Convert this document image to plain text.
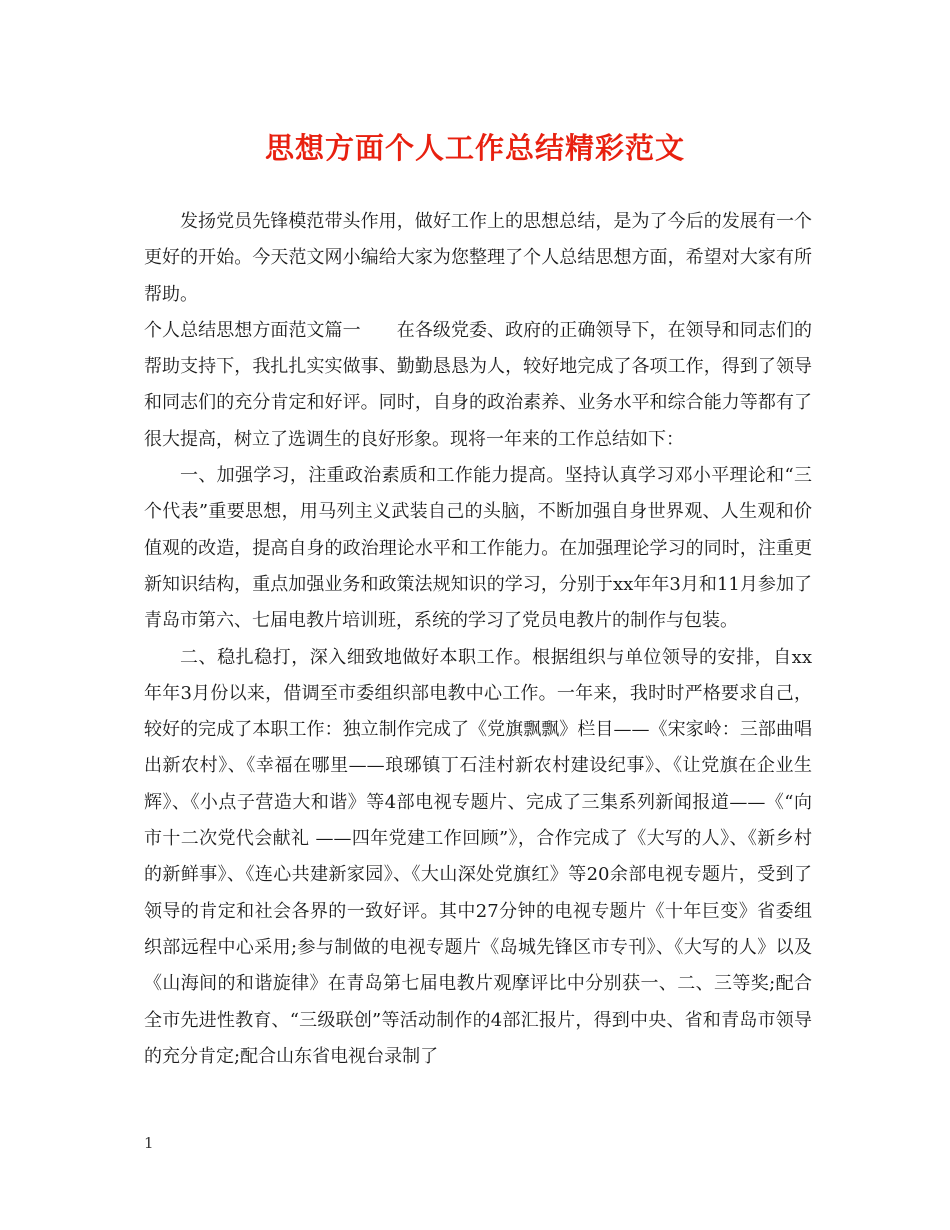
思想方面个人工作总结精彩范文

发扬党员先锋模范带头作用，做好工作上的思想总结，是为了今后的发展有一个更好的开始。今天范文网小编给大家为您整理了个人总结思想方面，希望对大家有所帮助。

个人总结思想方面范文篇一　　在各级党委、政府的正确领导下，在领导和同志们的帮助支持下，我扎扎实实做事、勤勤恳恳为人，较好地完成了各项工作，得到了领导和同志们的充分肯定和好评。同时，自身的政治素养、业务水平和综合能力等都有了很大提高，树立了选调生的良好形象。现将一年来的工作总结如下：

一、加强学习，注重政治素质和工作能力提高。坚持认真学习邓小平理论和“三个代表”重要思想，用马列主义武装自己的头脑，不断加强自身世界观、人生观和价值观的改造，提高自身的政治理论水平和工作能力。在加强理论学习的同时，注重更新知识结构，重点加强业务和政策法规知识的学习，分别于xx年年3月和11月参加了青岛市第六、七届电教片培训班，系统的学习了党员电教片的制作与包装。

二、稳扎稳打，深入细致地做好本职工作。根据组织与单位领导的安排，自xx年年3月份以来，借调至市委组织部电教中心工作。一年来，我时时严格要求自己，较好的完成了本职工作：独立制作完成了《党旗飘飘》栏目——《宋家岭：三部曲唱出新农村》、《幸福在哪里——琅琊镇丁石洼村新农村建设纪事》、《让党旗在企业生辉》、《小点子营造大和谐》等4部电视专题片、完成了三集系列新闻报道——《“向市十二次党代会献礼 ——四年党建工作回顾”》，合作完成了《大写的人》、《新乡村的新鲜事》、《连心共建新家园》、《大山深处党旗红》等20余部电视专题片，受到了领导的肯定和社会各界的一致好评。其中27分钟的电视专题片《十年巨变》省委组织部远程中心采用;参与制做的电视专题片《岛城先锋区市专刊》、《大写的人》以及《山海间的和谐旋律》在青岛第七届电教片观摩评比中分别获一、二、三等奖;配合全市先进性教育、“三级联创”等活动制作的4部汇报片，得到中央、省和青岛市领导的充分肯定;配合山东省电视台录制了

1
